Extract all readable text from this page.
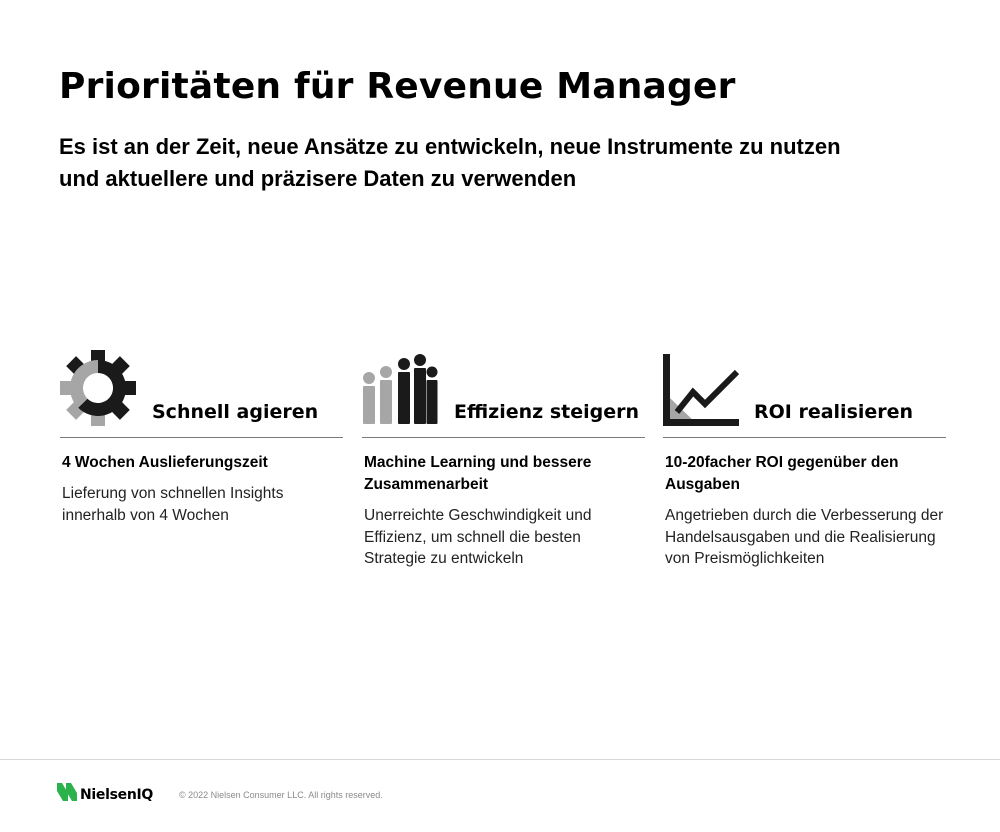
Prioritäten für Revenue Manager

Es ist an der Zeit, neue Ansätze zu entwickeln, neue Instrumente zu nutzen und aktuellere und präzisere Daten zu verwenden

Schnell agieren
4 Wochen Auslieferungszeit
Lieferung von schnellen Insights innerhalb von 4 Wochen
Effizienz steigern
Machine Learning und bessere Zusammenarbeit
Unerreichte Geschwindigkeit und Effizienz, um schnell die besten Strategie zu entwickeln
ROI realisieren
10-20facher ROI gegenüber den Ausgaben
Angetrieben durch die Verbesserung der Handelsausgaben und die Realisierung von Preismöglichkeiten
NielsenIQ	© 2022 Nielsen Consumer LLC. All rights reserved.
